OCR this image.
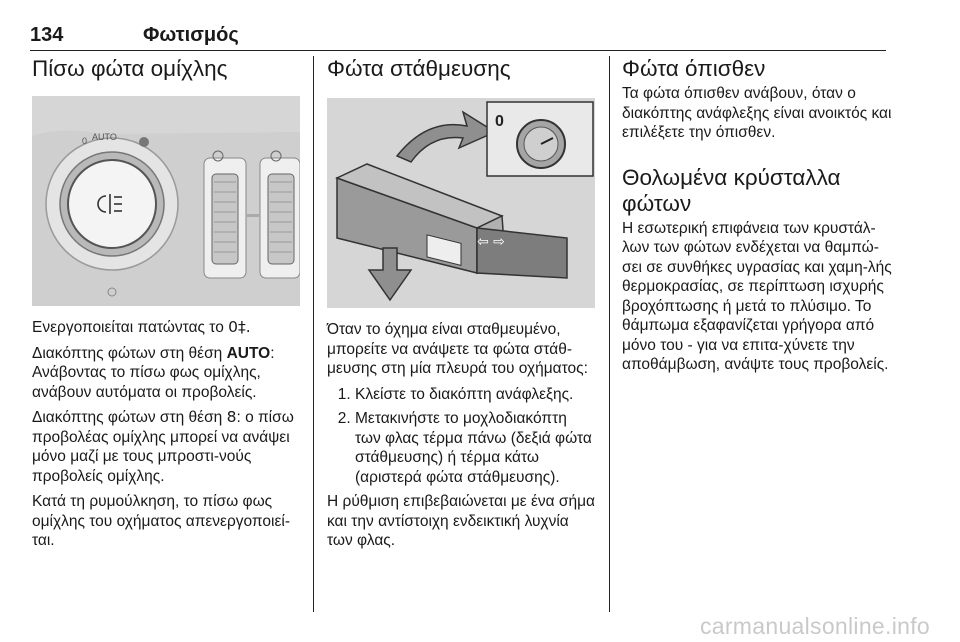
134	Φωτισμός
Πίσω φώτα ομίχλης
0 AUTO

Ενεργοποιείται πατώντας το 0‡.

Διακόπτης φώτων στη θέση AUTO: Ανάβοντας το πίσω φως ομίχλης, ανάβουν αυτόματα οι προβολείς.

Διακόπτης φώτων στη θέση 8: ο πίσω προβολέας ομίχλης μπορεί να ανάψει μόνο μαζί με τους μπροστι-νούς προβολείς ομίχλης.

Κατά τη ρυμούλκηση, το πίσω φως ομίχλης του οχήματος απενεργοποιεί-ται.

Φώτα στάθμευσης
⇦ ⇨
0

Όταν το όχημα είναι σταθμευμένο, μπορείτε να ανάψετε τα φώτα στάθ-μευσης στη μία πλευρά του οχήματος:

1. Κλείστε το διακόπτη ανάφλεξης.
2. Μετακινήστε το μοχλοδιακόπτη των φλας τέρμα πάνω (δεξιά φώτα στάθμευσης) ή τέρμα κάτω (αριστερά φώτα στάθμευσης).

Η ρύθμιση επιβεβαιώνεται με ένα σήμα και την αντίστοιχη ενδεικτική λυχνία των φλας.

Φώτα όπισθεν

Τα φώτα όπισθεν ανάβουν, όταν ο διακόπτης ανάφλεξης είναι ανοικτός και επιλέξετε την όπισθεν.

Θολωμένα κρύσταλλα φώτων

Η εσωτερική επιφάνεια των κρυστάλ-λων των φώτων ενδέχεται να θαμπώ-σει σε συνθήκες υγρασίας και χαμη-λής θερμοκρασίας, σε περίπτωση ισχυρής βροχόπτωσης ή μετά το πλύσιμο. Το θάμπωμα εξαφανίζεται γρήγορα από μόνο του - για να επιτα-χύνετε την αποθάμβωση, ανάψτε τους προβολείς.

carmanualsonline.info
